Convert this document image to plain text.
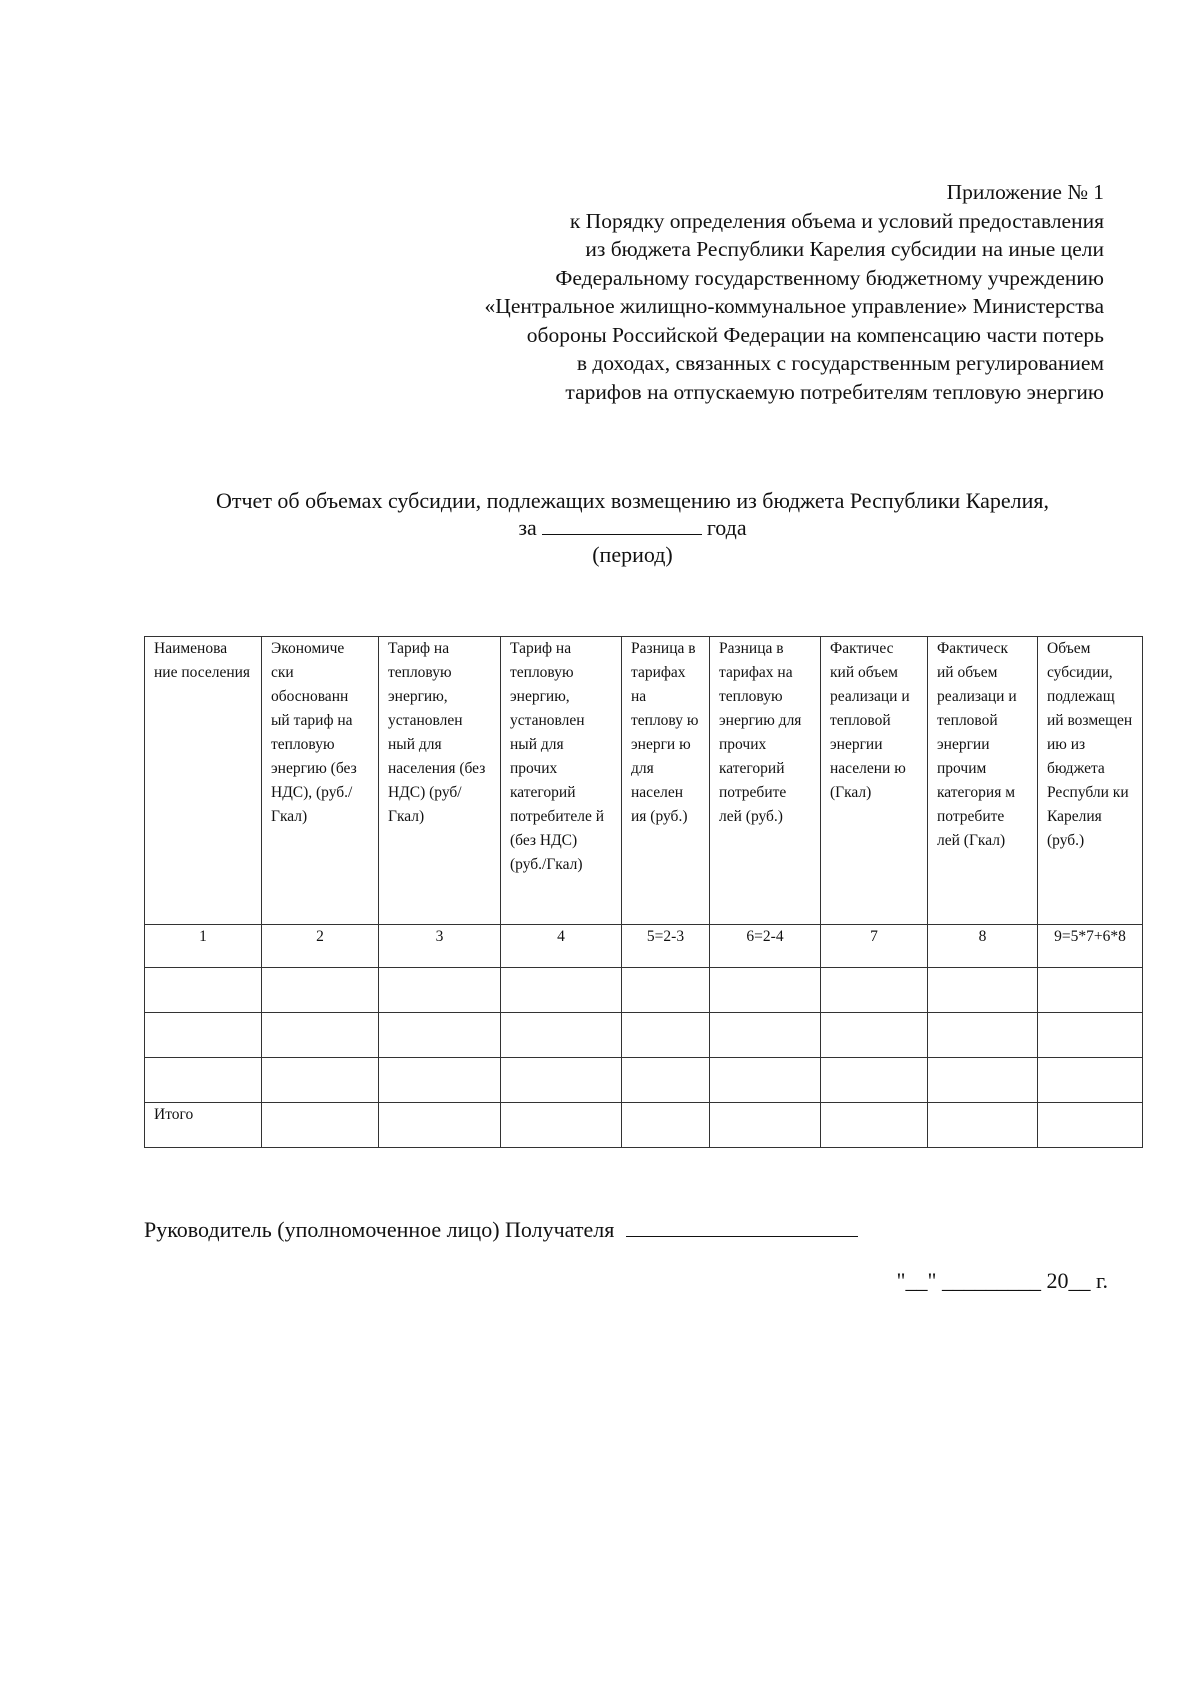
Приложение № 1
к Порядку определения объема и условий предоставления
из бюджета Республики Карелия субсидии на иные цели
Федеральному государственному бюджетному учреждению
«Центральное жилищно-коммунальное управление» Министерства
обороны Российской Федерации на компенсацию части потерь
в доходах, связанных с государственным регулированием
тарифов на отпускаемую потребителям тепловую энергию
Отчет об объемах субсидии, подлежащих возмещению из бюджета Республики Карелия,
за	года
(период)
Наименова ние поселения	Экономиче ски обоснованн ый тариф на тепловую энергию (без НДС), (руб./Гкал)	Тариф на тепловую энергию, установлен ный для населения (без НДС) (руб/Гкал)	Тариф на тепловую энергию, установлен ный для прочих категорий потребителе й (без НДС) (руб./Гкал)	Разница в тарифах на теплову ю энерги ю для населен ия (руб.)	Разница в тарифах на тепловую энергию для прочих категорий потребите лей (руб.)	Фактичес кий объем реализаци и тепловой энергии населени ю (Гкал)	Фактическ ий объем реализаци и тепловой энергии прочим категория м потребите лей (Гкал)	Объем субсидии, подлежащ ий возмещен ию из бюджета Республи ки Карелия (руб.)
1	2	3	4	5=2-3	6=2-4	7	8	9=5*7+6*8

Итого								
Руководитель (уполномоченное лицо) Получателя
"__" _________ 20__ г.
